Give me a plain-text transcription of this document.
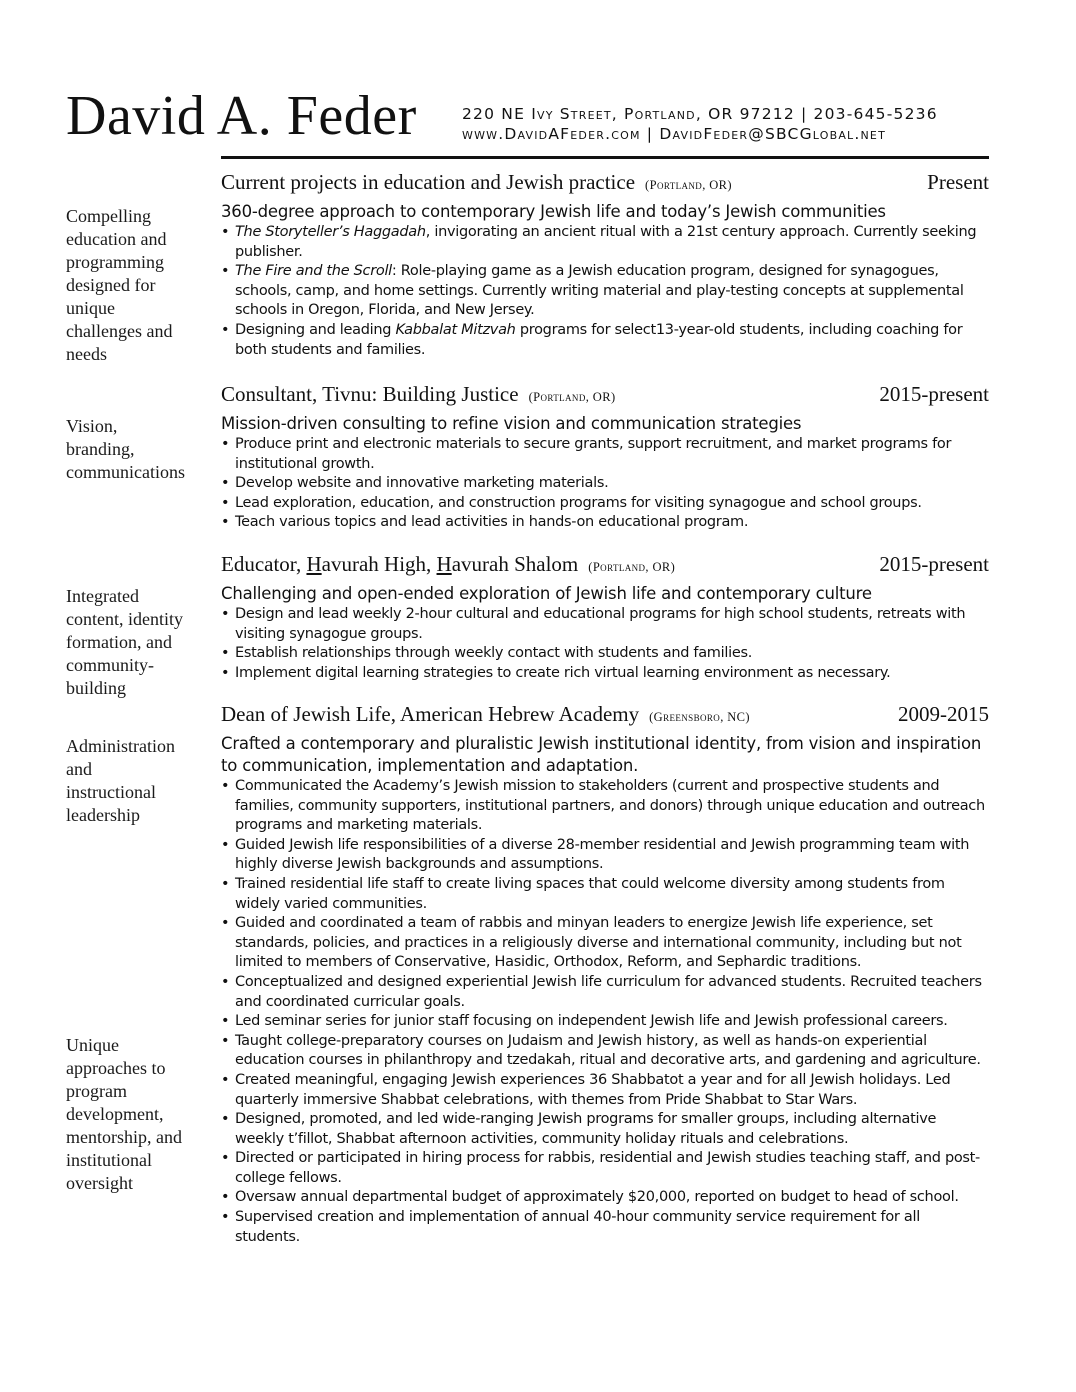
David A. Feder	220 NE Ivy Street, Portland, OR 97212 | 203-645-5236
www.DavidAFeder.com | DavidFeder@SBCGlobal.net
Compelling
education and
programming
designed for
unique
challenges and
needs
Vision,
branding,
communications
Integrated
content, identity
formation, and
community-
building
Administration
and
instructional
leadership
Unique
approaches to
program
development,
mentorship, and
institutional
oversight
Current projects in education and Jewish practice (Portland, OR)	Present
360-degree approach to contemporary Jewish life and today’s Jewish communities
• The Storyteller’s Haggadah, invigorating an ancient ritual with a 21st century approach. Currently seeking publisher.
• The Fire and the Scroll: Role-playing game as a Jewish education program, designed for synagogues, schools, camp, and home settings. Currently writing material and play-testing concepts at supplemental schools in Oregon, Florida, and New Jersey.
• Designing and leading Kabbalat Mitzvah programs for select13-year-old students, including coaching for both students and families.
Consultant, Tivnu: Building Justice (Portland, OR)	2015-present
Mission-driven consulting to refine vision and communication strategies
• Produce print and electronic materials to secure grants, support recruitment, and market programs for institutional growth.
• Develop website and innovative marketing materials.
• Lead exploration, education, and construction programs for visiting synagogue and school groups.
• Teach various topics and lead activities in hands-on educational program.
Educator, Havurah High, Havurah Shalom (Portland, OR)	2015-present
Challenging and open-ended exploration of Jewish life and contemporary culture
• Design and lead weekly 2-hour cultural and educational programs for high school students, retreats with visiting synagogue groups.
• Establish relationships through weekly contact with students and families.
• Implement digital learning strategies to create rich virtual learning environment as necessary.
Dean of Jewish Life, American Hebrew Academy (Greensboro, NC)	2009-2015
Crafted a contemporary and pluralistic Jewish institutional identity, from vision and inspiration to communication, implementation and adaptation.
• Communicated the Academy’s Jewish mission to stakeholders (current and prospective students and families, community supporters, institutional partners, and donors) through unique education and outreach programs and marketing materials.
• Guided Jewish life responsibilities of a diverse 28-member residential and Jewish programming team with highly diverse Jewish backgrounds and assumptions.
• Trained residential life staff to create living spaces that could welcome diversity among students from widely varied communities.
• Guided and coordinated a team of rabbis and minyan leaders to energize Jewish life experience, set standards, policies, and practices in a religiously diverse and international community, including but not limited to members of Conservative, Hasidic, Orthodox, Reform, and Sephardic traditions.
• Conceptualized and designed experiential Jewish life curriculum for advanced students. Recruited teachers and coordinated curricular goals.
• Led seminar series for junior staff focusing on independent Jewish life and Jewish professional careers.
• Taught college-preparatory courses on Judaism and Jewish history, as well as hands-on experiential education courses in philanthropy and tzedakah, ritual and decorative arts, and gardening and agriculture.
• Created meaningful, engaging Jewish experiences 36 Shabbatot a year and for all Jewish holidays. Led quarterly immersive Shabbat celebrations, with themes from Pride Shabbat to Star Wars.
• Designed, promoted, and led wide-ranging Jewish programs for smaller groups, including alternative weekly t’fillot, Shabbat afternoon activities, community holiday rituals and celebrations.
• Directed or participated in hiring process for rabbis, residential and Jewish studies teaching staff, and post-college fellows.
• Oversaw annual departmental budget of approximately $20,000, reported on budget to head of school.
• Supervised creation and implementation of annual 40-hour community service requirement for all students.
